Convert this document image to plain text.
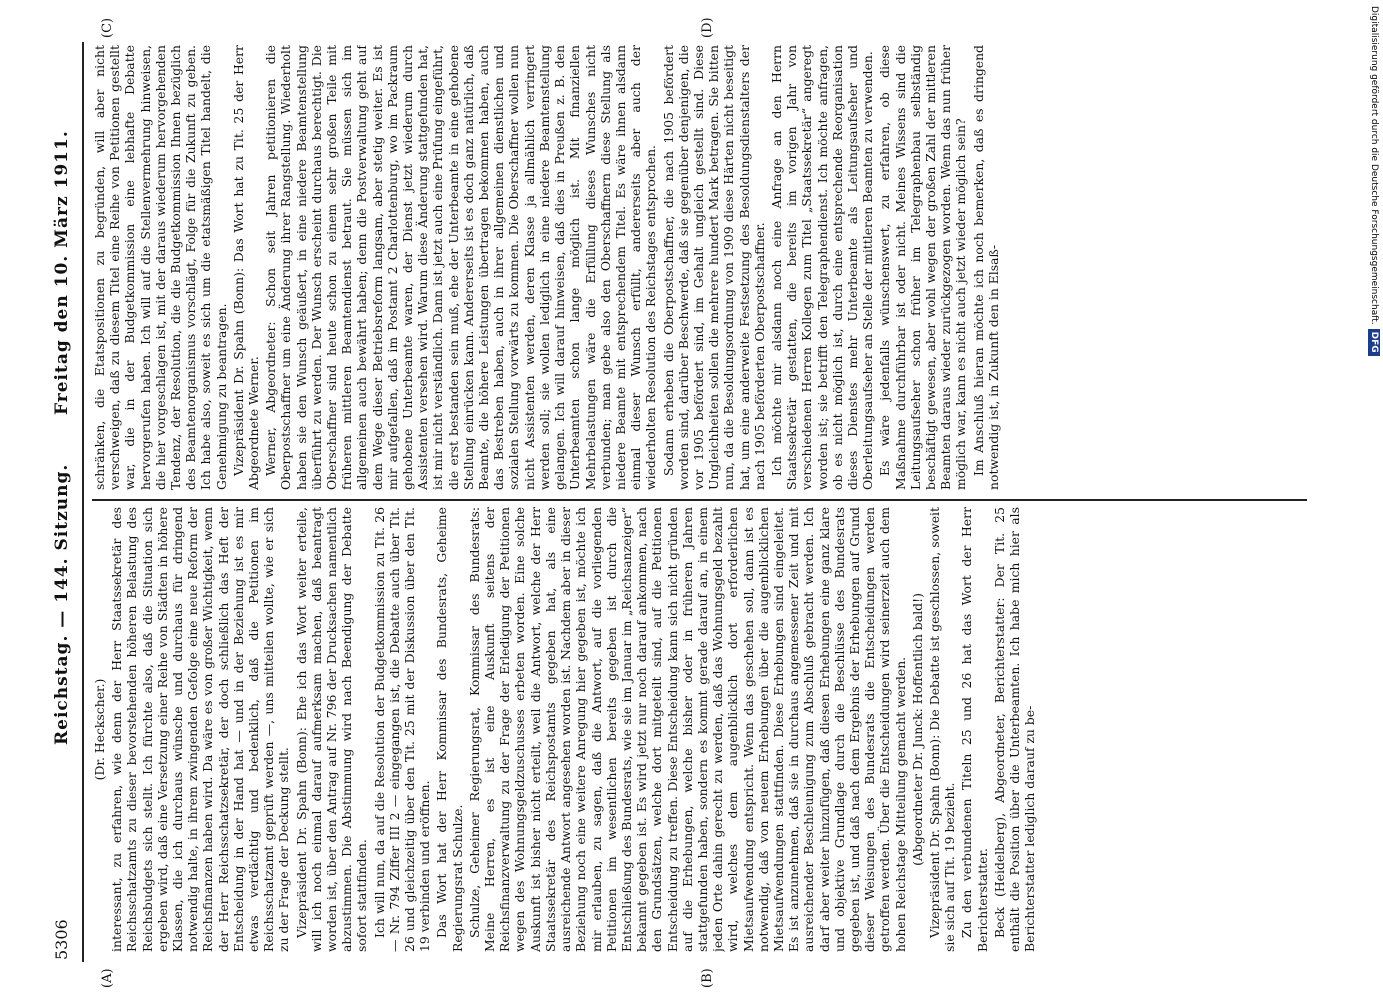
5306
Reichstag. — 144. Sitzung.
Freitag den 10. März 1911.
(A)	(B)
(C)	(D)

(Dr. Heckscher.) interessant, zu erfahren, wie denn der Herr Staatssekretär des Reichsschatzamts zu dieser bevorstehenden höheren Belastung des Reichsbudgets sich stellt. Ich fürchte also, daß die Situation sich ergeben wird, daß eine Versetzung einer Reihe von Städten in höhere Klassen, die ich durchaus wünsche und durchaus für dringend notwendig halte, in ihrem zwingenden Gefolge eine neue Reform der Reichsfinanzen haben wird. Da wäre es von großer Wichtigkeit, wenn der Herr Reichsschatzsekretär, der doch schließlich das Heft der Entscheidung in der Hand hat — und in der Beziehung ist es mir etwas verdächtig und bedenklich, daß die Petitionen im Reichsschatzamt geprüft werden —, uns mitteilen wollte, wie er sich zu der Frage der Deckung stellt. Vizepräsident Dr. Spahn (Bonn): Ehe ich das Wort weiter erteile, will ich noch einmal darauf aufmerksam machen, daß beantragt worden ist, über den Antrag auf Nr. 796 der Drucksachen namentlich abzustimmen. Die Abstimmung wird nach Beendigung der Debatte sofort stattfinden. Ich will nun, da auf die Resolution der Budgetkommission zu Tit. 26 — Nr. 794 Ziffer III 2 — eingegangen ist, die Debatte auch über Tit. 26 und gleichzeitig über den Tit. 25 mit der Diskussion über den Tit. 19 verbinden und eröffnen. Das Wort hat der Herr Kommissar des Bundesrats, Geheime Regierungsrat Schulze. Schulze, Geheimer Regierungsrat, Kommissar des Bundesrats: Meine Herren, es ist eine Auskunft seitens der Reichsfinanzverwaltung zu der Frage der Erledigung der Petitionen wegen des Wohnungsgeldzuschusses erbeten worden. Eine solche Auskunft ist bisher nicht erteilt, weil die Antwort, welche der Herr Staatssekretär des Reichspostamts gegeben hat, als eine ausreichende Antwort angesehen worden ist. Nachdem aber in dieser Beziehung noch eine weitere Anregung hier gegeben ist, möchte ich mir erlauben, zu sagen, daß die Antwort, auf die vorliegenden Petitionen im wesentlichen bereits gegeben ist durch die Entschließung des Bundesrats, wie sie im Januar im „Reichsanzeiger“ bekannt gegeben ist. Es wird jetzt nur noch darauf ankommen, nach den Grundsätzen, welche dort mitgeteilt sind, auf die Petitionen Entscheidung zu treffen. Diese Entscheidung kann sich nicht gründen auf die Erhebungen, welche bisher oder in früheren Jahren stattgefunden haben, sondern es kommt gerade darauf an, in einem jeden Orte dahin gerecht zu werden, daß das Wohnungsgeld bezahlt wird, welches dem augenblicklich dort erforderlichen Mietsaufwendung entspricht. Wenn das geschehen soll, dann ist es notwendig, daß von neuem Erhebungen über die augenblicklichen Mietsaufwendungen stattfinden. Diese Erhebungen sind eingeleitet. Es ist anzunehmen, daß sie in durchaus angemessener Zeit und mit ausreichender Beschleunigung zum Abschluß gebracht werden. Ich darf aber weiter hinzufügen, daß diesen Erhebungen eine ganz klare und objektive Grundlage durch die Beschlüsse des Bundesrats gegeben ist, und daß nach dem Ergebnis der Erhebungen auf Grund dieser Weisungen des Bundesrats die Entscheidungen werden getroffen werden. Über die Entscheidungen wird seinerzeit auch dem hohen Reichstage Mitteilung gemacht werden. (Abgeordneter Dr. Junck: Hoffentlich bald!) Vizepräsident Dr. Spahn (Bonn): Die Debatte ist geschlossen, soweit sie sich auf Tit. 19 bezieht. Zu den verbundenen Titeln 25 und 26 hat das Wort der Herr Berichterstatter. Beck (Heidelberg), Abgeordneter, Berichterstatter: Der Tit. 25 enthält die Position über die Unterbeamten. Ich habe mich hier als Berichterstatter lediglich darauf zu be-

schränken, die Etatspositionen zu begründen, will aber nicht verschweigen, daß zu diesem Titel eine Reihe von Petitionen gestellt war, die in der Budgetkommission eine lebhafte Debatte hervorgerufen haben. Ich will auf die Stellenvermehrung hinweisen, die hier vorgeschlagen ist, mit der daraus wiederum hervorgehenden Tendenz, der Resolution, die die Budgetkommission Ihnen bezüglich des Beamtenorganismus vorschlägt, Folge für die Zukunft zu geben. Ich habe also, soweit es sich um die etatsmäßigen Titel handelt, die Genehmigung zu beantragen. Vizepräsident Dr. Spahn (Bonn): Das Wort hat zu Tit. 25 der Herr Abgeordnete Werner. Werner, Abgeordneter: Schon seit Jahren petitionieren die Oberpostschaffner um eine Änderung ihrer Rangstellung. Wiederholt haben sie den Wunsch geäußert, in eine niedere Beamtenstellung überführt zu werden. Der Wunsch erscheint durchaus berechtigt. Die Oberschaffner sind heute schon zu einem sehr großen Teile mit früheren mittleren Beamtendienst betraut. Sie müssen sich im allgemeinen auch bewährt haben; denn die Postverwaltung geht auf dem Wege dieser Betriebsreform langsam, aber stetig weiter. Es ist mir aufgefallen, daß im Postamt 2 Charlottenburg, wo im Packraum gehobene Unterbeamte waren, der Dienst jetzt wiederum durch Assistenten versehen wird. Warum diese Änderung stattgefunden hat, ist mir nicht verständlich. Dann ist jetzt auch eine Prüfung eingeführt, die erst bestanden sein muß, ehe der Unterbeamte in eine gehobene Stellung einrücken kann. Andererseits ist es doch ganz natürlich, daß Beamte, die höhere Leistungen übertragen bekommen haben, auch das Bestreben haben, auch in ihrer allgemeinen dienstlichen und sozialen Stellung vorwärts zu kommen. Die Oberschaffner wollen nun nicht Assistenten werden, deren Klasse ja allmählich verringert werden soll; sie wollen lediglich in eine niedere Beamtenstellung gelangen. Ich will darauf hinweisen, daß dies in Preußen z. B. den Unterbeamten schon lange möglich ist. Mit finanziellen Mehrbelastungen wäre die Erfüllung dieses Wunsches nicht verbunden; man gebe also den Oberschaffnern diese Stellung als niedere Beamte mit entsprechendem Titel. Es wäre ihnen alsdann einmal dieser Wunsch erfüllt, andererseits aber auch der wiederholten Resolution des Reichstages entsprochen. Sodann erheben die Oberpostschaffner, die nach 1905 befördert worden sind, darüber Beschwerde, daß sie gegenüber denjenigen, die vor 1905 befördert sind, im Gehalt ungleich gestellt sind. Diese Ungleichheiten sollen die mehrere hundert Mark betragen. Sie bitten nun, da die Besoldungsordnung von 1909 diese Härten nicht beseitigt hat, um eine anderweite Festsetzung des Besoldungsdienstalters der nach 1905 beförderten Oberpostschaffner. Ich möchte mir alsdann noch eine Anfrage an den Herrn Staatssekretär gestatten, die bereits im vorigen Jahr von verschiedenen Herren Kollegen zum Titel „Staatssekretär“ angeregt worden ist; sie betrifft den Telegraphendienst. Ich möchte anfragen, ob es nicht möglich ist, durch eine entsprechende Reorganisation dieses Dienstes mehr Unterbeamte als Leitungsaufseher und Oberleitungsaufseher an Stelle der mittleren Beamten zu verwenden. Es wäre jedenfalls wünschenswert, zu erfahren, ob diese Maßnahme durchführbar ist oder nicht. Meines Wissens sind die Leitungsaufseher schon früher im Telegraphenbau selbständig beschäftigt gewesen, aber wohl wegen der großen Zahl der mittleren Beamten daraus wieder zurückgezogen worden. Wenn das nun früher möglich war, kann es nicht auch jetzt wieder möglich sein? Im Anschluß hieran möchte ich noch bemerken, daß es dringend notwendig ist, in Zukunft den in Elsaß-

Digitalisierung gefördert durch die Deutsche Forschungsgemeinschaft.DFG
